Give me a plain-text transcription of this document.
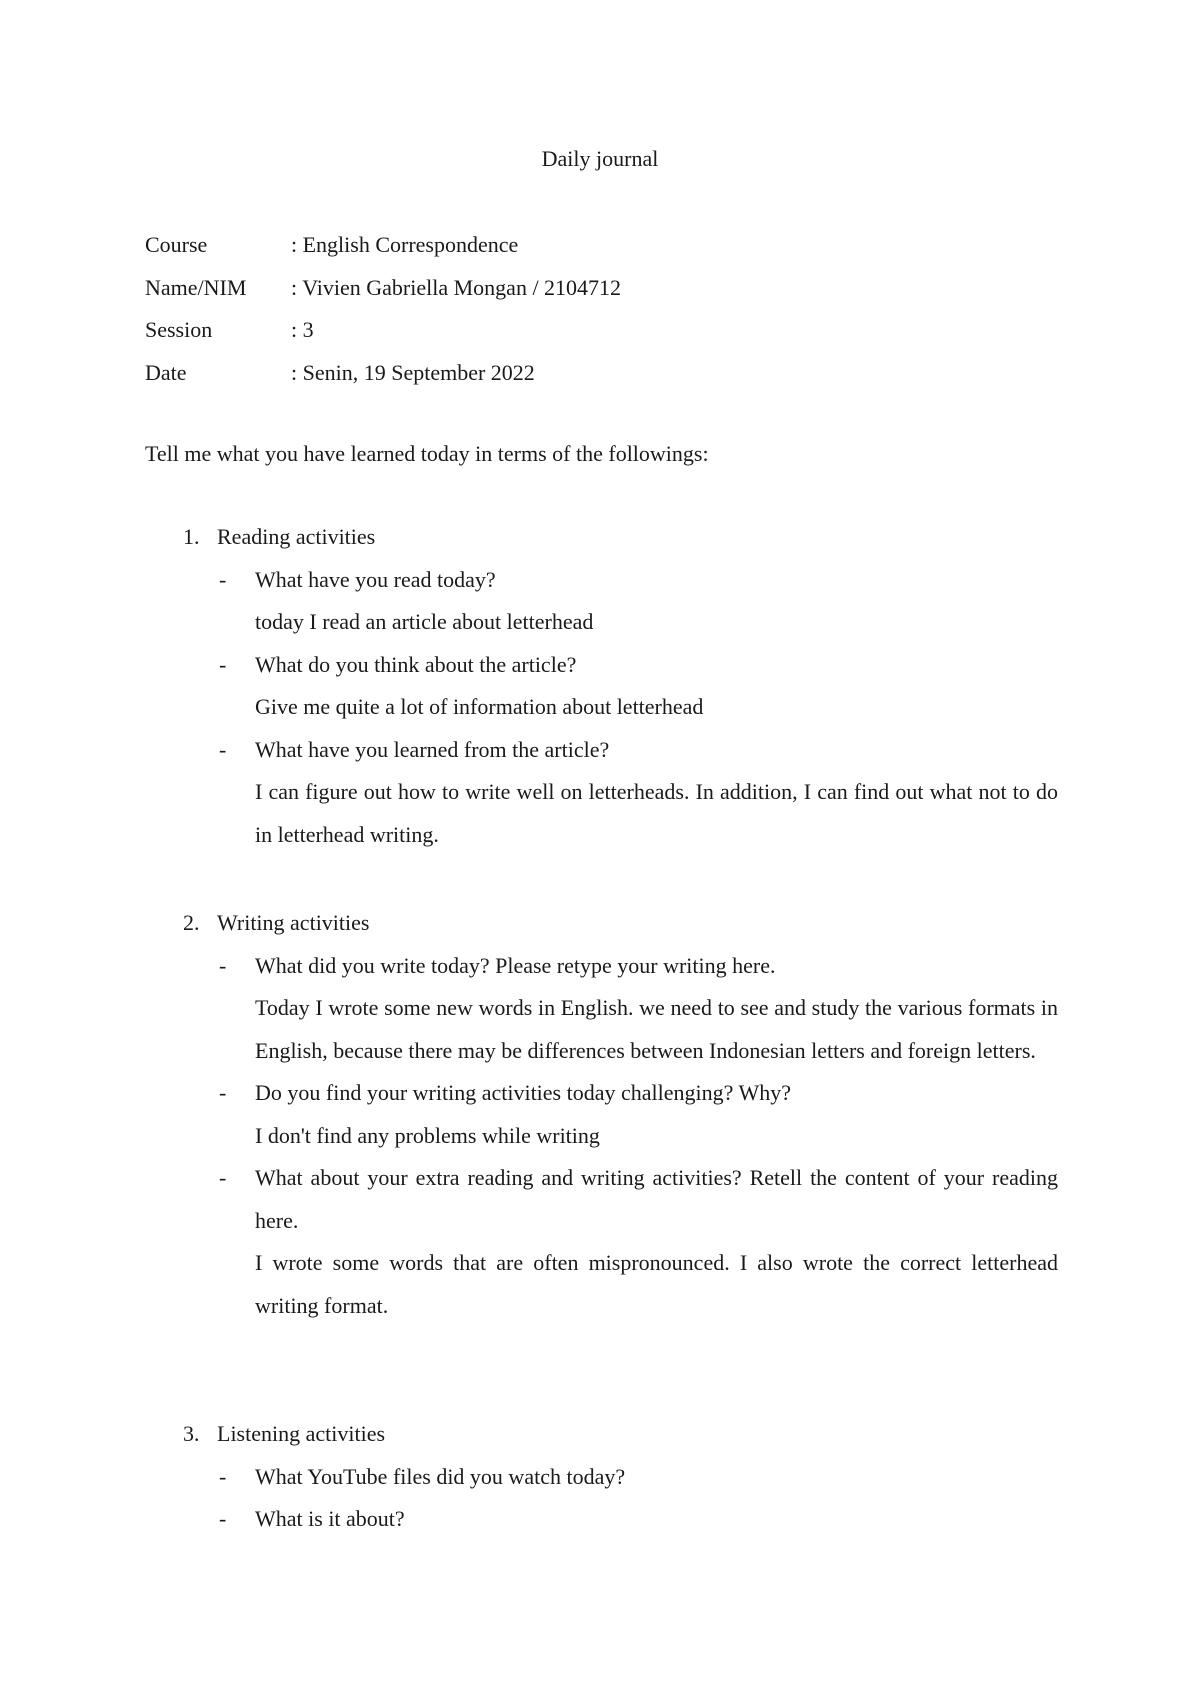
Daily journal
Course	: English Correspondence
Name/NIM	: Vivien Gabriella Mongan / 2104712
Session	: 3
Date	: Senin, 19 September 2022
Tell me what you have learned today in terms of the followings:
1. Reading activities
-	What have you read today?
today I read an article about letterhead
-	What do you think about the article?
Give me quite a lot of information about letterhead
-	What have you learned from the article?
I can figure out how to write well on letterheads. In addition, I can find out what not to do in letterhead writing.
2. Writing activities
-	What did you write today? Please retype your writing here.
Today I wrote some new words in English. we need to see and study the various formats in English, because there may be differences between Indonesian letters and foreign letters.
-	Do you find your writing activities today challenging? Why?
I don't find any problems while writing
-	What about your extra reading and writing activities? Retell the content of your reading here.
I wrote some words that are often mispronounced. I also wrote the correct letterhead writing format.
3. Listening activities
-	What YouTube files did you watch today?
-	What is it about?
